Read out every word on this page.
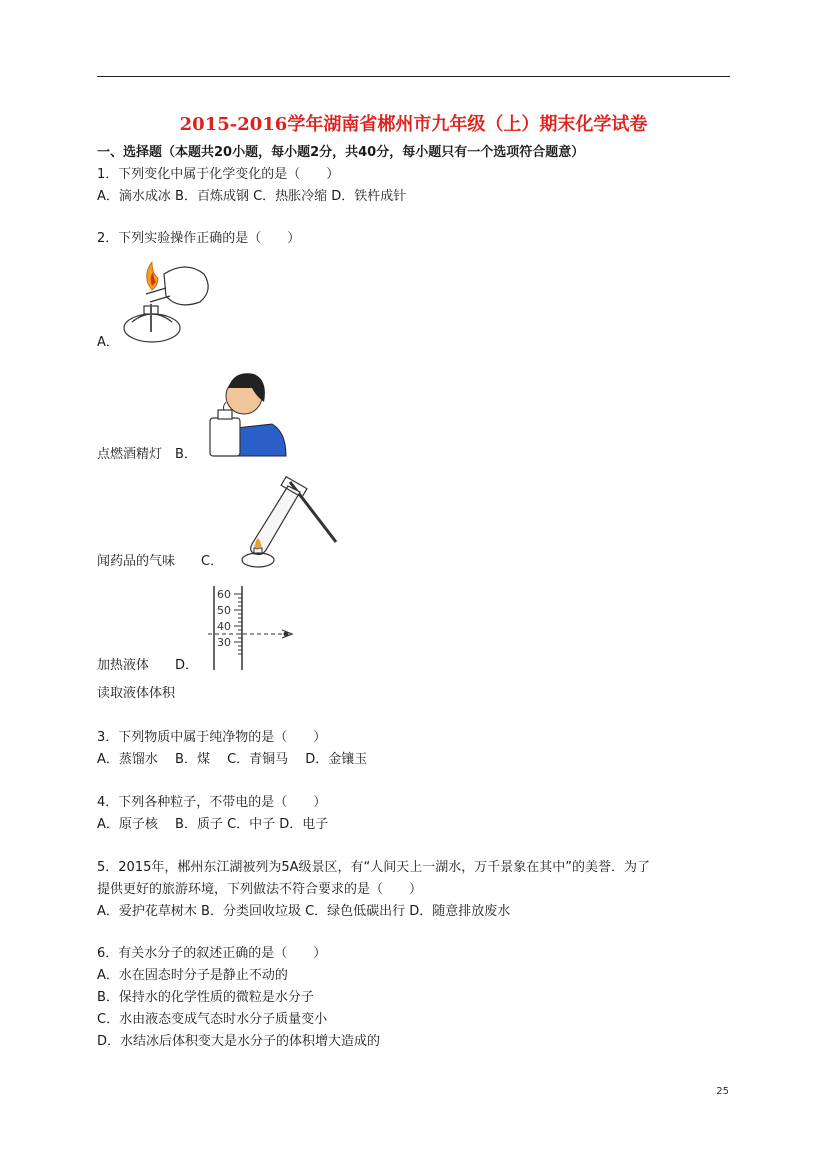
2015-2016学年湖南省郴州市九年级（上）期末化学试卷
一、选择题（本题共20小题，每小题2分，共40分，每小题只有一个选项符合题意）
1．下列变化中属于化学变化的是（　　）
A．滴水成冰 B．百炼成钢 C．热胀冷缩 D．铁杵成针
2．下列实验操作正确的是（　　）
A．
点燃酒精灯　B．
闻药品的气味　　C．
60
50
40
30
加热液体　　D．
读取液体体积
3．下列物质中属于纯净物的是（　　）
A．蒸馏水　 B．煤　 C．青铜马　 D．金镶玉
4．下列各种粒子，不带电的是（　　）
A．原子核　 B．质子 C．中子 D．电子
5．2015年，郴州东江湖被列为5A级景区，有“人间天上一湖水，万千景象在其中”的美誉．为了
提供更好的旅游环境，下列做法不符合要求的是（　　）
A．爱护花草树木 B．分类回收垃圾 C．绿色低碳出行 D．随意排放废水
6．有关水分子的叙述正确的是（　　）
A．水在固态时分子是静止不动的
B．保持水的化学性质的微粒是水分子
C．水由液态变成气态时水分子质量变小
D．水结冰后体积变大是水分子的体积增大造成的
25
